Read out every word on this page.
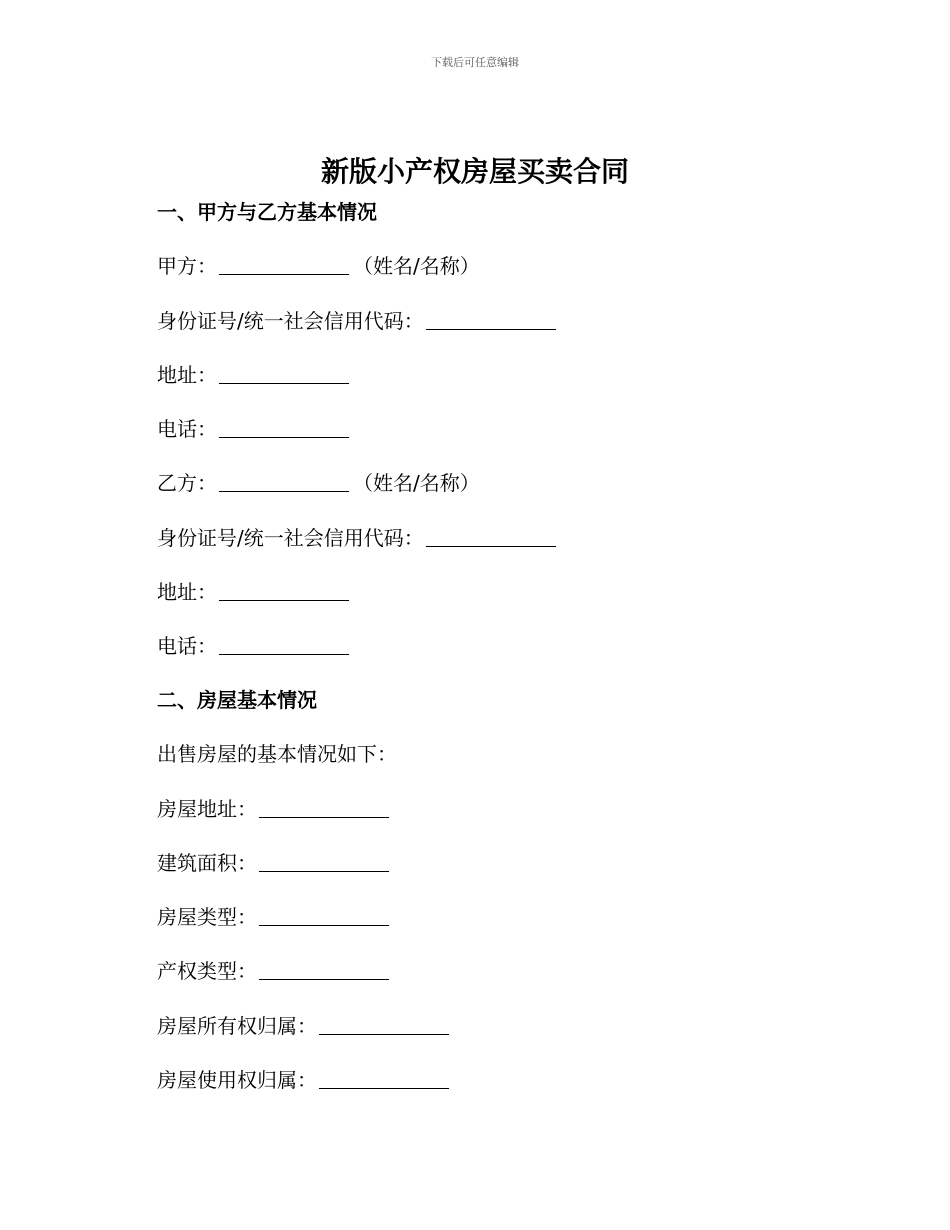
下载后可任意编辑
新版小产权房屋买卖合同
一、甲方与乙方基本情况
甲方：	（姓名/名称）
身份证号/统一社会信用代码：
地址：
电话：
乙方：	（姓名/名称）
身份证号/统一社会信用代码：
地址：
电话：
二、房屋基本情况
出售房屋的基本情况如下：
房屋地址：
建筑面积：
房屋类型：
产权类型：
房屋所有权归属：
房屋使用权归属：
